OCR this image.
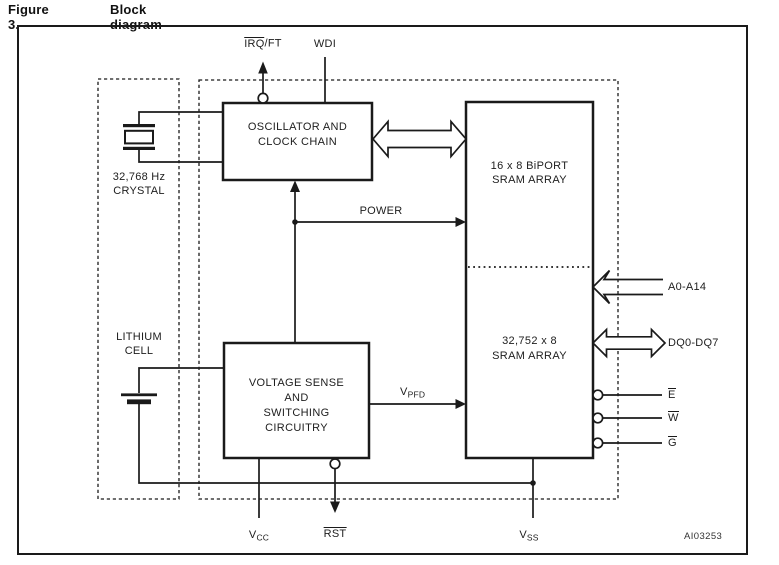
Figure 3.
Block diagram
OSCILLATOR AND
CLOCK CHAIN
16 x 8 BiPORT
SRAM ARRAY
32,752 x 8
SRAM ARRAY
VOLTAGE SENSE
AND
SWITCHING
CIRCUITRY
32,768 Hz
CRYSTAL
LITHIUM
CELL
IRQ/FT	WDI
POWER
$V_{PFD}$
$V_{CC}$	RST	$V_{SS}$
A0-A14
DQ0-DQ7
E
W
G
AI03253
